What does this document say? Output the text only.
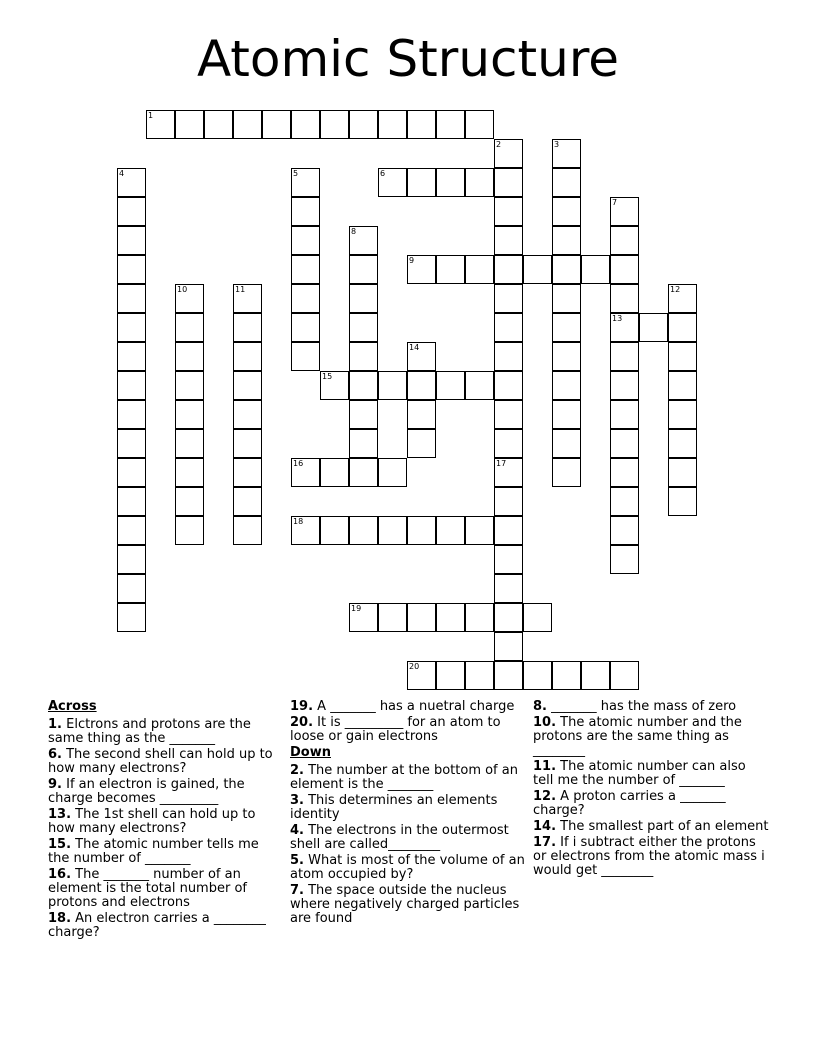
Atomic Structure
1
2	3
4	5	6
7
8
9
10	11	12
13
14
15
16	17
18
19
20
Across
1. Elctrons and protons are the same thing as the _______
6. The second shell can hold up to how many electrons?
9. If an electron is gained, the charge becomes _________
13. The 1st shell can hold up to how many electrons?
15. The atomic number tells me the number of _______
16. The _______ number of an element is the total number of protons and electrons
18. An electron carries a ________ charge?
19. A _______ has a nuetral charge
20. It is _________ for an atom to loose or gain electrons
Down
2. The number at the bottom of an element is the _______
3. This determines an elements identity
4. The electrons in the outermost shell are called________
5. What is most of the volume of an atom occupied by?
7. The space outside the nucleus where negatively charged particles are found
8. _______ has the mass of zero
10. The atomic number and the protons are the same thing as ________
11. The atomic number can also tell me the number of _______
12. A proton carries a _______ charge?
14. The smallest part of an element
17. If i subtract either the protons or electrons from the atomic mass i would get ________
